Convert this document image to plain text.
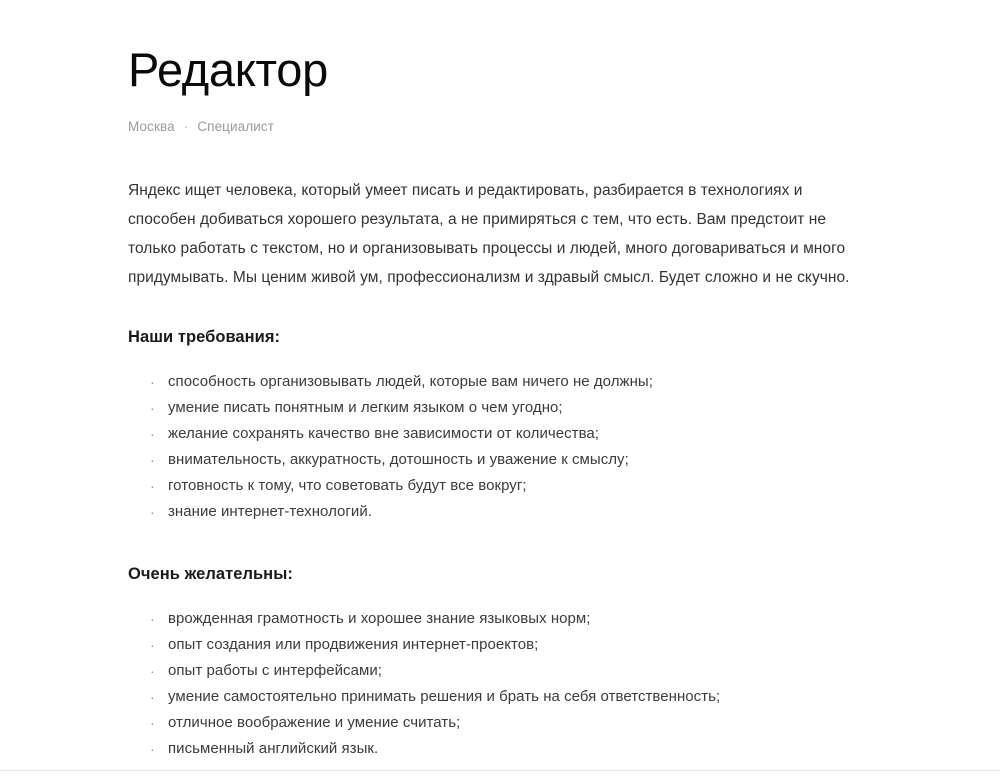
Редактор
Москва · Специалист

Яндекс ищет человека, который умеет писать и редактировать, разбирается в технологиях и способен добиваться хорошего результата, а не примиряться с тем, что есть. Вам предстоит не только работать с текстом, но и организовывать процессы и людей, много договариваться и много придумывать. Мы ценим живой ум, профессионализм и здравый смысл. Будет сложно и не скучно.

Наши требования:
· способность организовывать людей, которые вам ничего не должны;
· умение писать понятным и легким языком о чем угодно;
· желание сохранять качество вне зависимости от количества;
· внимательность, аккуратность, дотошность и уважение к смыслу;
· готовность к тому, что советовать будут все вокруг;
· знание интернет-технологий.
Очень желательны:
· врожденная грамотность и хорошее знание языковых норм;
· опыт создания или продвижения интернет-проектов;
· опыт работы с интерфейсами;
· умение самостоятельно принимать решения и брать на себя ответственность;
· отличное воображение и умение считать;
· письменный английский язык.
